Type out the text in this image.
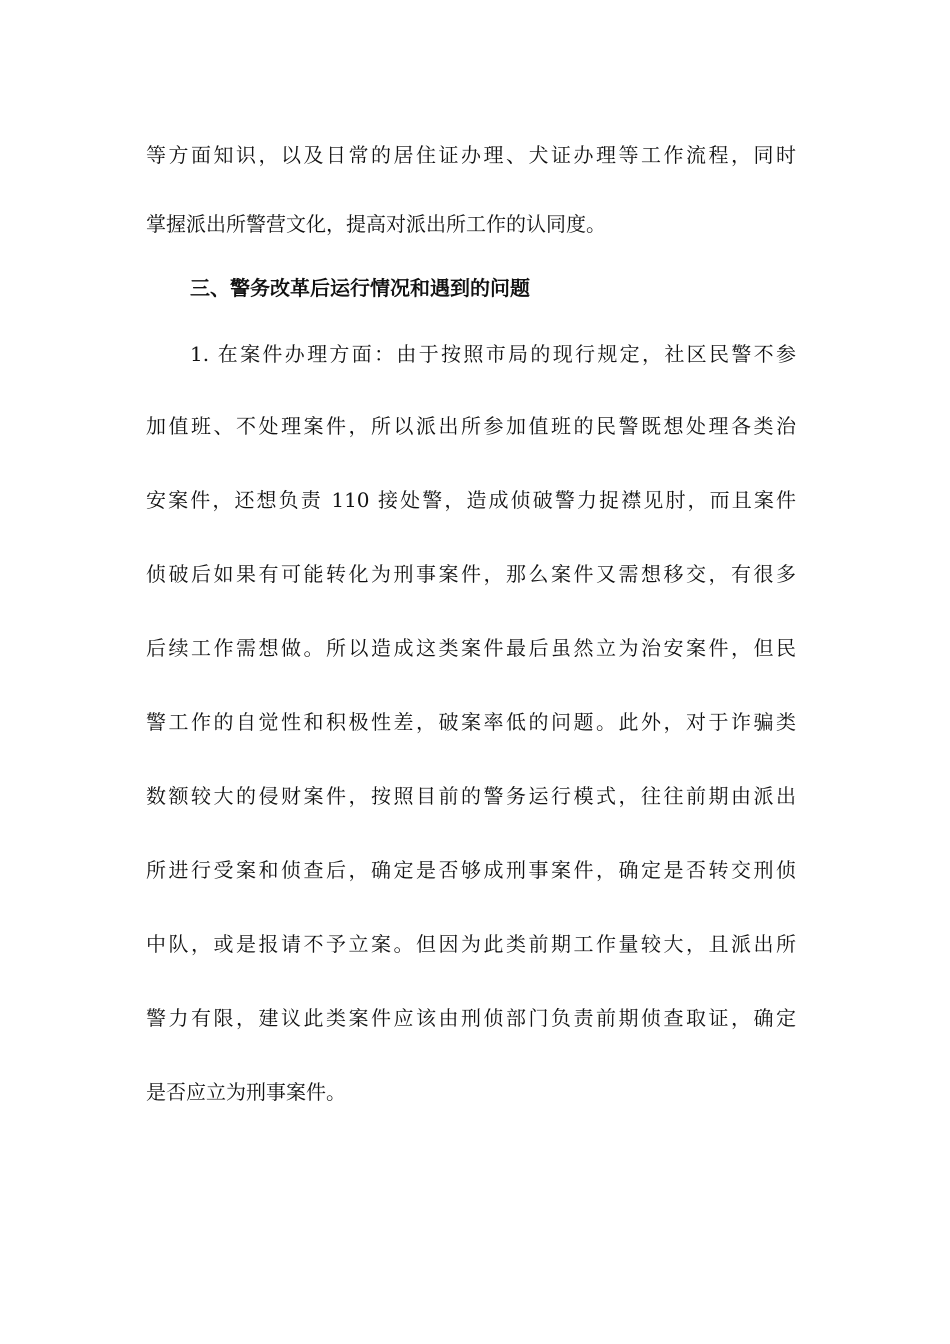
等方面知识，以及日常的居住证办理、犬证办理等工作流程，同时
掌握派出所警营文化，提高对派出所工作的认同度。
三、警务改革后运行情况和遇到的问题
1. 在案件办理方面：由于按照市局的现行规定，社区民警不参
加值班、不处理案件，所以派出所参加值班的民警既想处理各类治
安案件，还想负责 110 接处警，造成侦破警力捉襟见肘，而且案件
侦破后如果有可能转化为刑事案件，那么案件又需想移交，有很多
后续工作需想做。所以造成这类案件最后虽然立为治安案件，但民
警工作的自觉性和积极性差，破案率低的问题。此外，对于诈骗类
数额较大的侵财案件，按照目前的警务运行模式，往往前期由派出
所进行受案和侦查后，确定是否够成刑事案件，确定是否转交刑侦
中队，或是报请不予立案。但因为此类前期工作量较大，且派出所
警力有限，建议此类案件应该由刑侦部门负责前期侦查取证，确定
是否应立为刑事案件。
